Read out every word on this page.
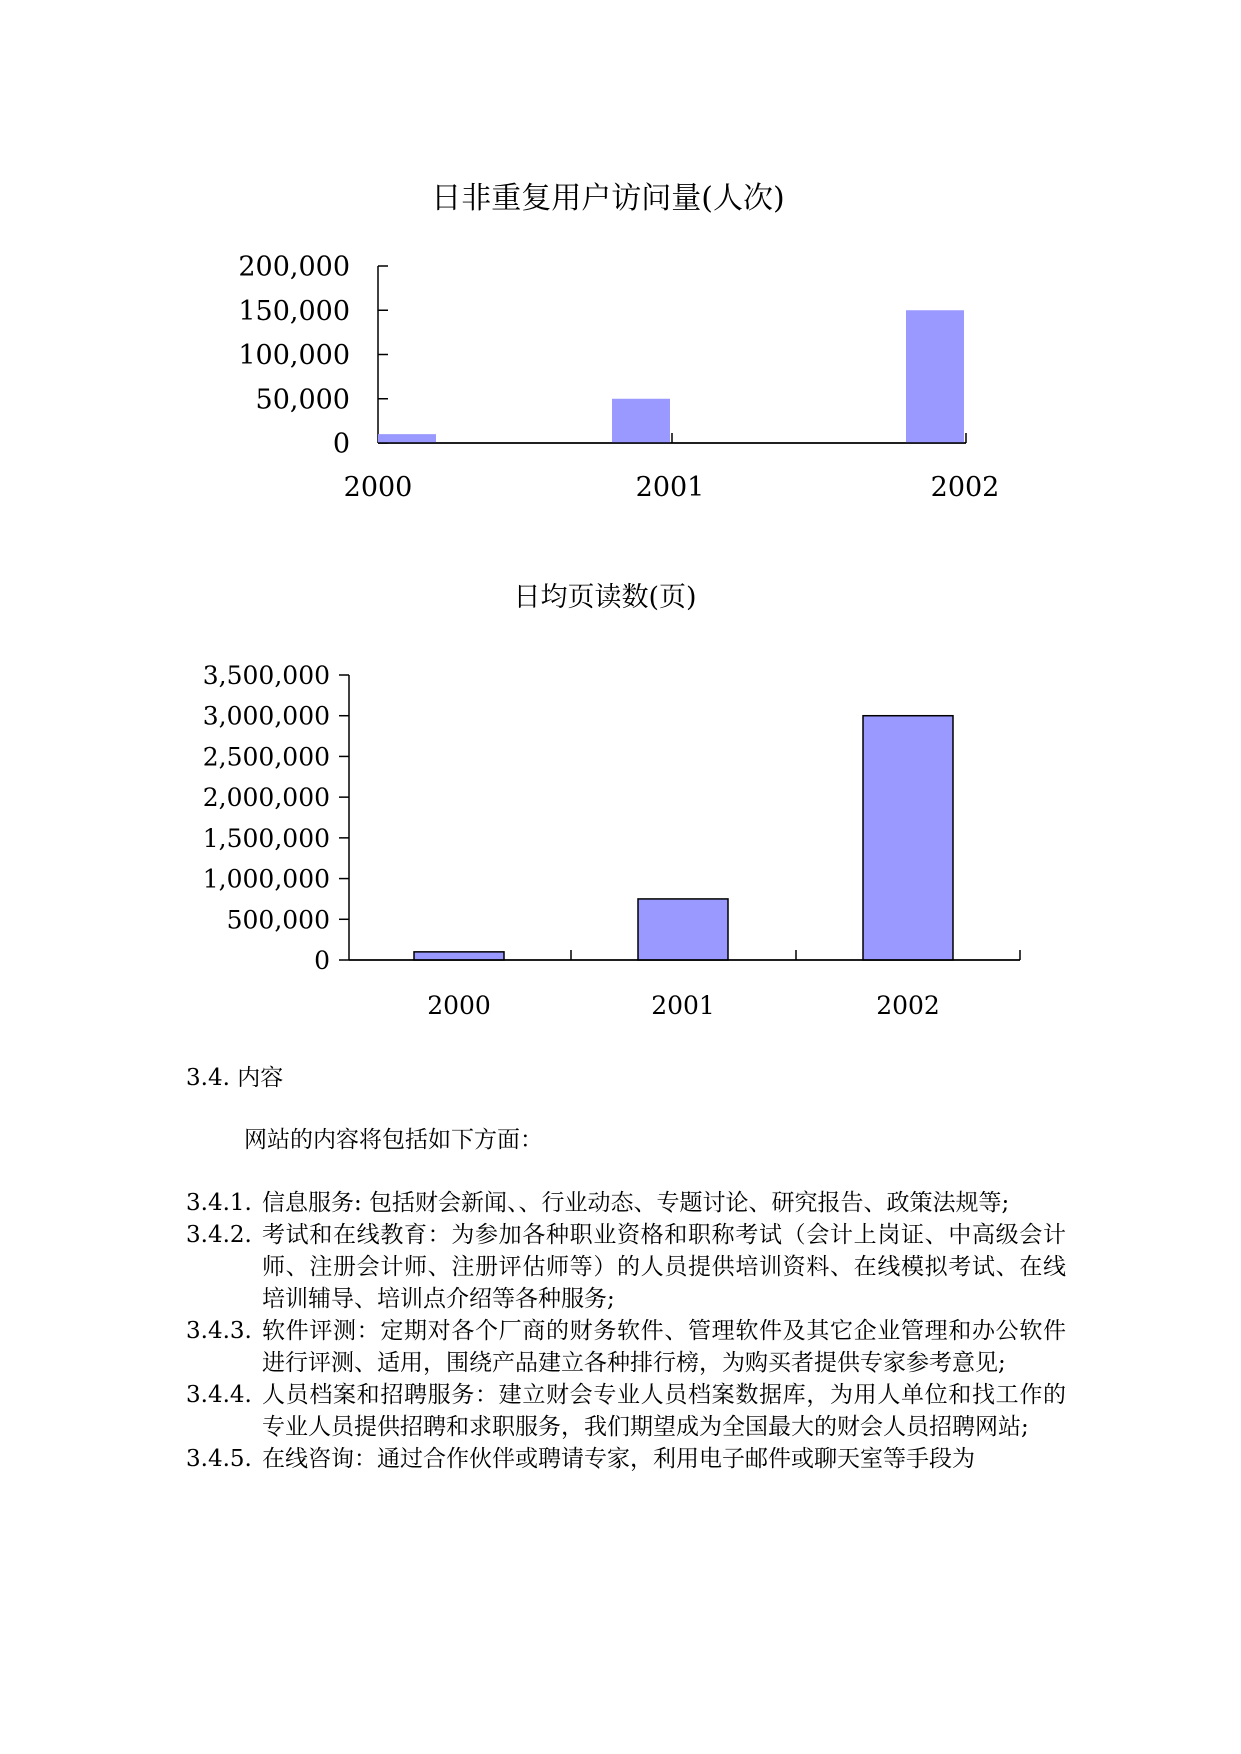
日非重复用户访问量(人次)
0
50,000
100,000
150,000
200,000
2000	2001	2002
日均页读数(页)
0
500,000
1,000,000
1,500,000
2,000,000
2,500,000
3,000,000
3,500,000
2000	2001	2002
3.4. 内容
网站的内容将包括如下方面：
3.4.1. 信息服务: 包括财会新闻、、行业动态、专题讨论、研究报告、政策法规等;
3.4.2. 考试和在线教育：为参加各种职业资格和职称考试（会计上岗证、中高级会计师、注册会计师、注册评估师等）的人员提供培训资料、在线模拟考试、在线培训辅导、培训点介绍等各种服务;
3.4.3. 软件评测：定期对各个厂商的财务软件、管理软件及其它企业管理和办公软件进行评测、适用，围绕产品建立各种排行榜，为购买者提供专家参考意见;
3.4.4. 人员档案和招聘服务：建立财会专业人员档案数据库，为用人单位和找工作的专业人员提供招聘和求职服务，我们期望成为全国最大的财会人员招聘网站;
3.4.5. 在线咨询：通过合作伙伴或聘请专家，利用电子邮件或聊天室等手段为
